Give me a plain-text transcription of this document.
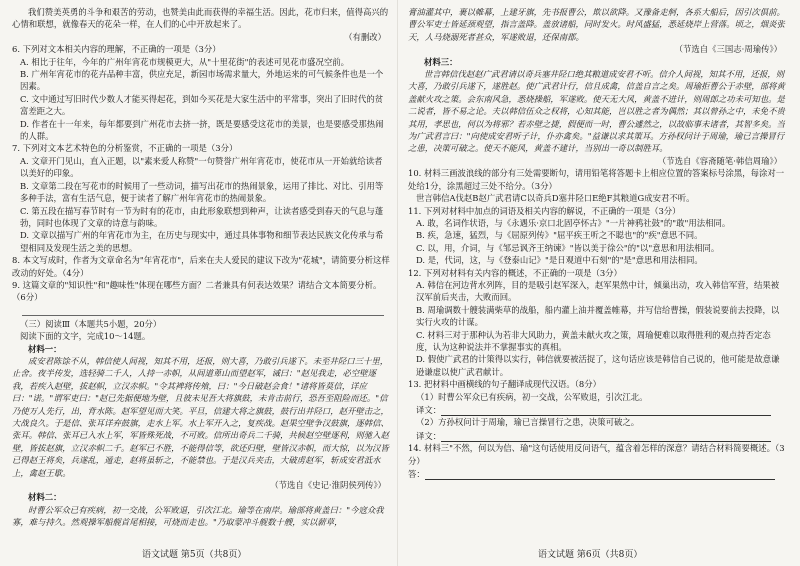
我们赞美英勇的斗争和艰苦的劳动，也赞美由此而获得的幸福生活。因此，花市归来，值得高兴的心情和联想，就像春天的花朵一样，在人们的心中开放起来了。

（有删改）

6. 下列对文本相关内容的理解，不正确的一项是（3分）

A. 相比于往年，今年的广州年宵花市规模更大，从"十里花街"的表述可见花市盛况空前。

B. 广州年宵花市的花卉品种丰富，供应充足，新园市场需求量大，外地运来的可气候条件也是一个因素。

C. 文中通过写旧时代少数人才能买得起花，到如今买花是大家生活中的平常事，突出了旧时代的贫富差距之大。

D. 作者在十一年来，每年都要到广州花市去挤一挤，既是要感受这花市的美景，也是要感受那热闹的人群。

7. 下列对文本艺术特色的分析鉴赏，不正确的一项是（3分）

A. 文章开门见山，直入正题，以"素来爱人称赞"一句赞誉广州年宵花市，使花市从一开始就给读者以美好的印象。

B. 文章第二段在写花市的时候用了一些动词，描写出花市的热闹景象，运用了排比、对比、引用等多种手法，富有生活气息，便于读者了解广州年宵花市的热闹景象。

C. 第五段在描写春节时有一节为时有的花市，由此形象联想到种声，让读者感受到春天的气息与蓬勃，同时也体现了文章的诗意与韵味。

D. 文章以描写广州的年宵花市为主，在历史与现实中，通过具体事物和细节表达民族文化传承与希望相同及发现生活之美的思想。

8. 本文写成时，作者为文章命名为"年宵花市"，后来在夫人爱民的建议下改为"花城"，请简要分析这样改动的好处。（4分）

9. 这篇文章的"知识性"和"趣味性"体现在哪些方面？二者兼具有何表达效果？请结合文本简要分析。（6分）

（三）阅读Ⅲ（本题共5小题，20分）

阅读下面的文字，完成10～14题。

材料一：

成安君陈馀不从，韩信使人间视，知其不用，还报，则大喜，乃敢引兵遂下。未至井陉口三十里，止舍。夜半传发，选轻骑二千人，人持一赤帜，从间道萆山而望赵军，诫曰："赵见我走，必空壁逐我，若疾入赵壁，拔赵帜，立汉赤帜。"令其裨将传飧，曰："今日破赵会食！"诸将皆莫信，详应曰："诺。"谓军吏曰："赵已先据便地为壁，且彼未见吾大将旗鼓，未肯击前行，恐吾至阻险而还。"信乃使万人先行，出，背水陈。赵军望见而大笑。平旦，信建大将之旗鼓，鼓行出井陉口，赵开壁击之，大战良久。于是信、张耳详弃鼓旗，走水上军。水上军开入之，复疾战。赵果空壁争汉鼓旗，逐韩信、张耳。韩信、张耳已入水上军，军皆殊死战，不可败。信所出奇兵二千骑，共候赵空壁逐利，则驰入赵壁，皆拔赵旗，立汉赤帜二千。赵军已不胜，不能得信等，欲还归壁，壁皆汉赤帜，而大惊，以为汉皆已得赵王将矣，兵遂乱，遁走，赵将虽斩之，不能禁也。于是汉兵夹击，大破虏赵军，斩成安君泜水上，禽赵王歇。

（节选自《史记·淮阴侯列传》）

材料二：

时曹公军众已有疾病，初一交战，公军败退，引次江北。瑜等在南岸。瑜部将黄盖曰："今寇众我寡，难与持久。然观操军船舰首尾相接，可烧而走也。"乃取蒙冲斗舰数十艘，实以薪草，

语文试题 第5页（共8页）

膏油灌其中，裹以帷幕，上建牙旗，先书报曹公，欺以欲降。又豫备走舸，各系大船后，因引次俱前。曹公军吏士皆延颈观望，指言盖降。盖放诸船，同时发火。时风盛猛，悉延烧岸上营落。顷之，烟炎张天，人马烧溺死者甚众，军遂败退，还保南郡。

（节选自《三国志·周瑜传》）

材料三：

世言韩信伐赵赵广武君请以奇兵塞井陉口绝其粮道成安君不听。信介人间视，知其不用，还报，则大喜，乃敢引兵遂下，遂胜赵。使广武君计行，信且成禽，信盖自言之矣。周瑜拒曹公于赤壁，部将黄盖献火攻之策。会东南风急，悉烧操船，军遂败。使天无大风，黄盖不进计，则周郎之功未可知也。是二说者，皆不易之论。夫以韩信伍众之权将，心知其能，岂以胜之者为偶然；其以曾孙之中，未免不贵其用，孝思也，何以为将邪？若赤壁之捷，假便而一时，曹公遽然之，以故临事未诸者，其智多矣。当为广武君言曰："向使成安君听子计，仆亦禽矣。"益谦以求其策耳。方孙权问计于周瑜，瑜已言操冒行之患，决策可破之。使天不能风，黄盖不建计，当别出一奇以制胜耳。

（节选自《容斋随笔·韩信周瑜》）

10. 材料三画波浪线的部分有三处需要断句，请用铅笔将答题卡上相应位置的答案标号涂黑，每涂对一处给1分，涂黑超过三处不给分。（3分）

世言韩信A伐赵B赵广武君请C以奇兵D塞井陉口E绝F其粮道G成安君不听。

11. 下列对材料中加点的词语及相关内容的解说，不正确的一项是（3分）

A. 敢，名词作状语，与《永遇乐·京口北固亭怀古》"一片神鸦社鼓"的"敢"用法相同。

B. 疾，急速，猛烈，与《屈原列传》"屈平疾王听之不聪也"的"疾"意思不同。

C. 以，用，介词，与《邹忌讽齐王纳谏》"皆以美于徐公"的"以"意思和用法相同。

D. 是，代词，这，与《登泰山记》"是日观道中石刻"的"是"意思和用法相同。

12. 下列对材料有关内容的概述，不正确的一项是（3分）

A. 韩信在河边背水列阵，目的是吸引赵军深入，赵军果然中计，倾巢出动，攻入韩信军营，结果被汉军前后夹击，大败而回。

B. 周瑜调数十艘装满柴草的战船，船内灌上油并覆盖帷幕，并写信给曹操，假装说要前去投降，以实行火攻的计谋。

C. 材料三对于那种认为若非大风助力，黄盖未献火攻之策，周瑜便难以取得胜利的观点持否定态度，认为这种说法并不掌握事实的真相。

D. 假使广武君的计策得以实行，韩信就要被活捉了，这句话应该是韩信自己说的，他可能是故意谦逊谦虚以使广武君献计。

13. 把材料中画横线的句子翻译成现代汉语。（8分）

（1）时曹公军众已有疾病，初一交战，公军败退，引次江北。

译文：

（2）方孙权问计于周瑜，瑜已言操冒行之患，决策可破之。

译文：

14. 材料三"不然，何以为信、瑜"这句话使用反问语气，蕴含着怎样的深意？请结合材料简要概述。（3分）

答：

语文试题 第6页（共8页）
